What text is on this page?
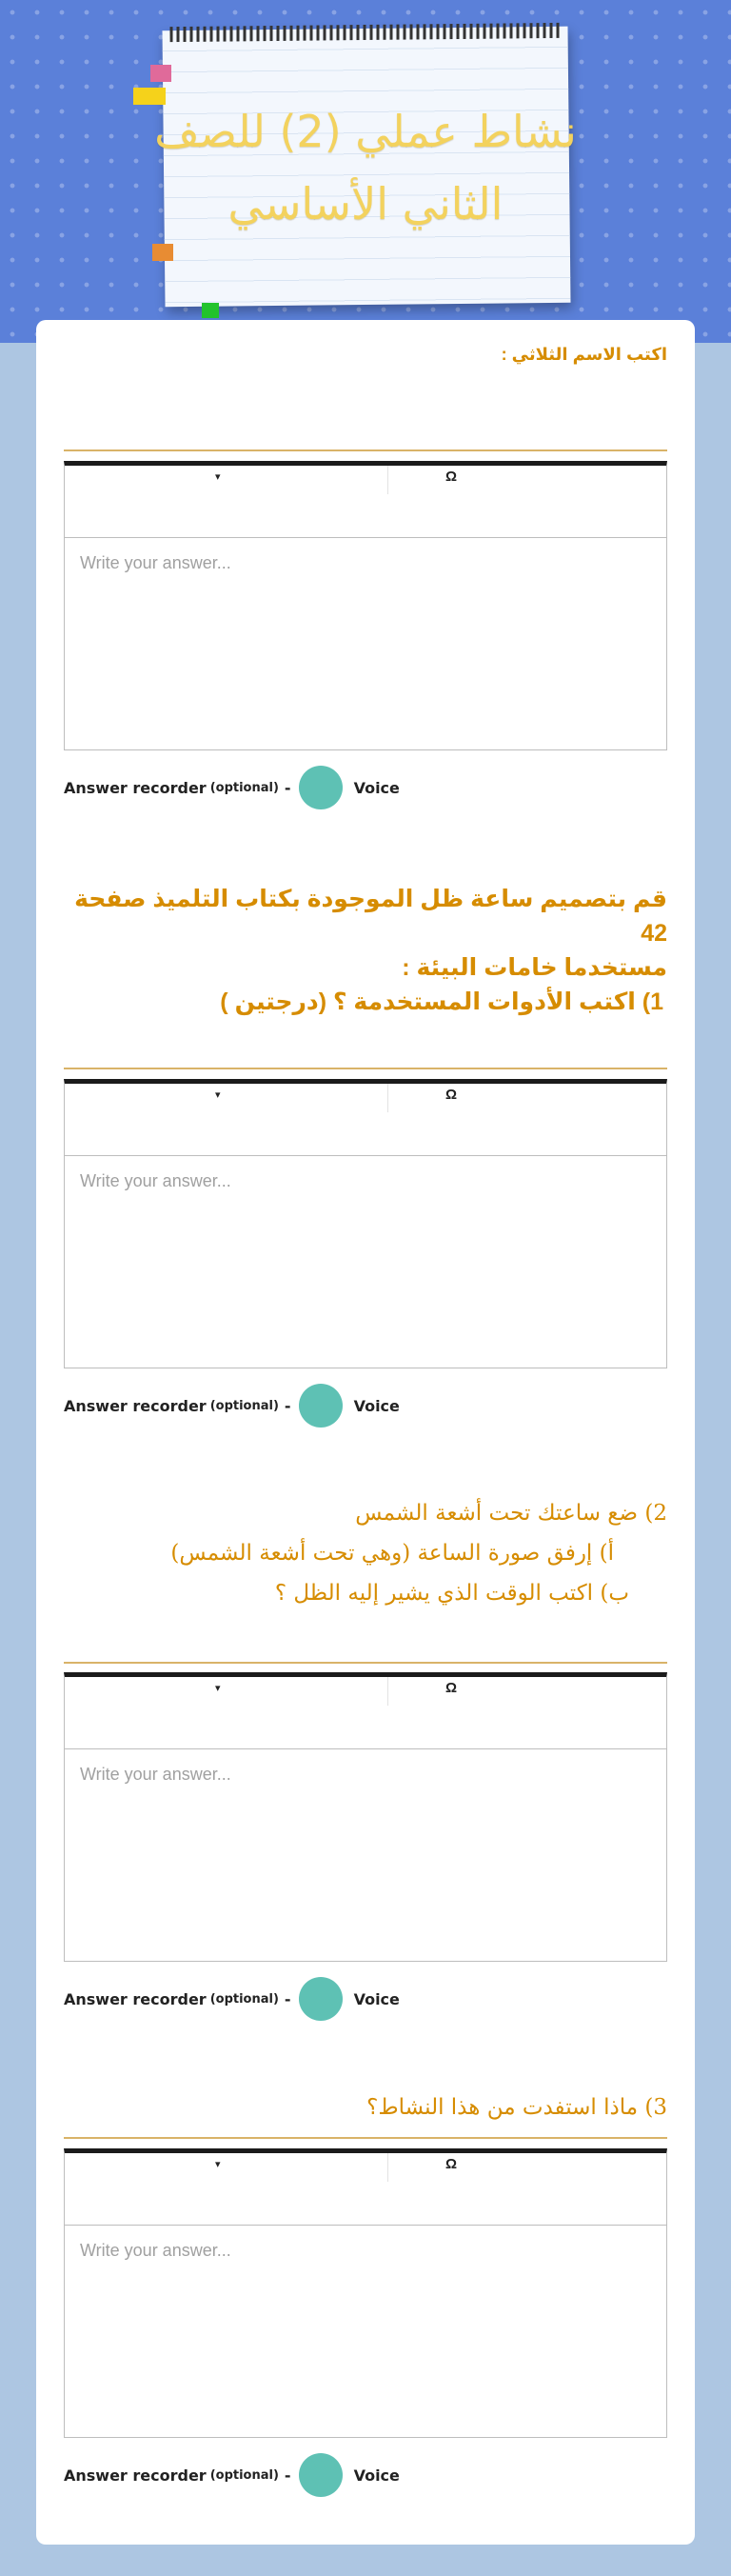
نشاط عملي (2) للصف
الثاني الأساسي
اكتب الاسم الثلاثي :
▾	Ω
Write your answer...
Answer recorder (optional) -	Voice
قم بتصميم ساعة ظل الموجودة بكتاب التلميذ صفحة 42
مستخدما خامات البيئة :
1) اكتب الأدوات المستخدمة ؟ (درجتين )
▾	Ω
Write your answer...
Answer recorder (optional) -	Voice
2) ضع ساعتك تحت أشعة الشمس
أ) إرفق صورة الساعة (وهي تحت أشعة الشمس)
ب) اكتب الوقت الذي يشير إليه الظل ؟
▾	Ω
Write your answer...
Answer recorder (optional) -	Voice
3) ماذا استفدت من هذا النشاط؟
▾	Ω
Write your answer...
Answer recorder (optional) -	Voice
